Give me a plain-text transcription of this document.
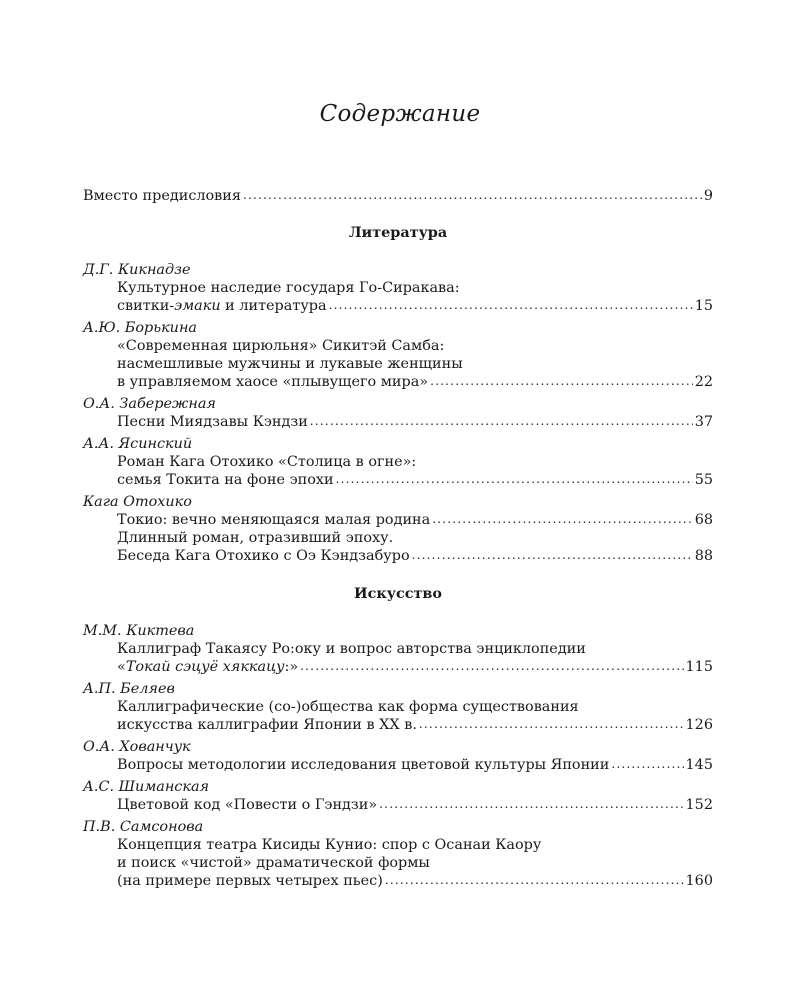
Содержание
Вместо предисловия .....	9
Литература
Д.Г. Кикнадзе
Культурное наследие государя Го-Сиракава:
свитки-эмаки и литература .....	15
А.Ю. Борькина
«Современная цирюльня» Сикитэй Самба:
насмешливые мужчины и лукавые женщины
в управляемом хаосе «плывущего мира» .....	22
О.А. Забережная
Песни Миядзавы Кэндзи .....	37
А.А. Ясинский
Роман Кага Отохико «Столица в огне»:
семья Токита на фоне эпохи .....	55
Кага Отохико
Токио: вечно меняющаяся малая родина .....	68
Длинный роман, отразивший эпоху.
Беседа Кага Отохико с Оэ Кэндзабуро .....	88
Искусство
М.М. Киктева
Каллиграф Такаясу Ро:оку и вопрос авторства энциклопедии
«Токай сэцуё хяккацу:» .....	115
А.П. Беляев
Каллиграфические (со-)общества как форма существования
искусства каллиграфии Японии в XX в. .....	126
О.А. Хованчук
Вопросы методологии исследования цветовой культуры Японии .....	145
А.С. Шиманская
Цветовой код «Повести о Гэндзи» .....	152
П.В. Самсонова
Концепция театра Кисиды Кунио: спор с Осанаи Каору
и поиск «чистой» драматической формы
(на примере первых четырех пьес) .....	160
